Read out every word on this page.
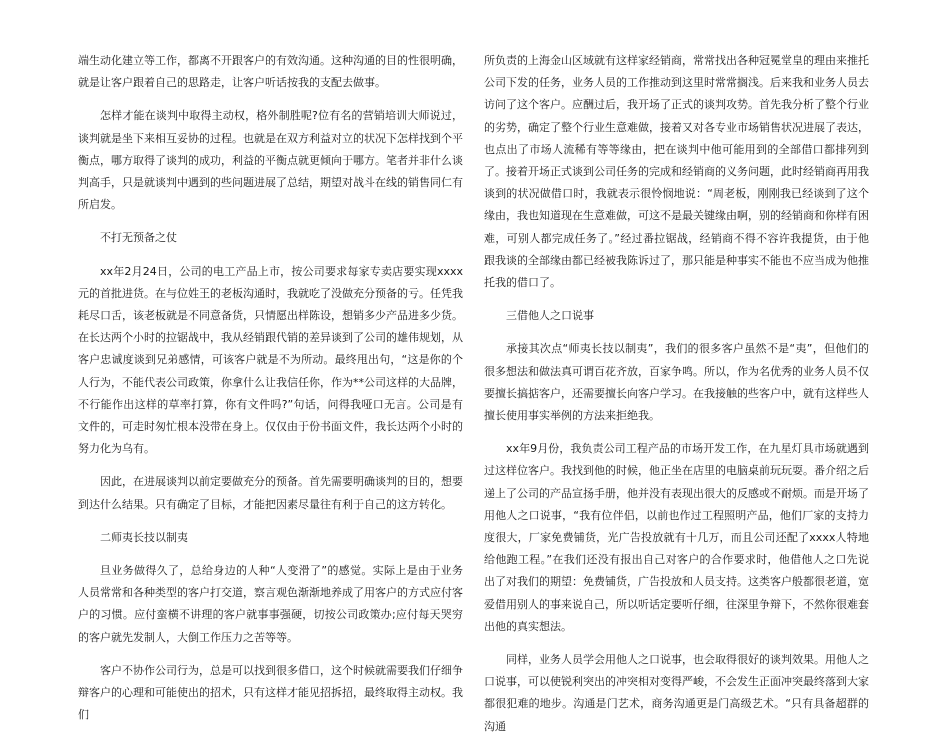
端生动化建立等工作，都离不开跟客户的有效沟通。这种沟通的目的性很明确，就是让客户跟着自己的思路走，让客户听话按我的支配去做事。

怎样才能在谈判中取得主动权，格外制胜呢?位有名的营销培训大师说过，谈判就是坐下来相互妥协的过程。也就是在双方利益对立的状况下怎样找到个平衡点，哪方取得了谈判的成功，利益的平衡点就更倾向于哪方。笔者并非什么谈判高手，只是就谈判中遇到的些问题进展了总结，期望对战斗在线的销售同仁有所启发。

不打无预备之仗

xx年2月24日，公司的电工产品上市，按公司要求每家专卖店要实现xxxx元的首批进货。在与位姓王的老板沟通时，我就吃了没做充分预备的亏。任凭我耗尽口舌，该老板就是不同意备货，只情愿出样陈设，想销多少产品进多少货。在长达两个小时的拉锯战中，我从经销跟代销的差异谈到了公司的雄伟规划，从客户忠诚度谈到兄弟感情，可该客户就是不为所动。最终甩出句，“这是你的个人行为，不能代表公司政策，你拿什么让我信任你，作为**公司这样的大品牌，不行能作出这样的草率打算，你有文件吗?”句话，问得我哑口无言。公司是有文件的，可走时匆忙根本没带在身上。仅仅由于份书面文件，我长达两个小时的努力化为乌有。

因此，在进展谈判以前定要做充分的预备。首先需要明确谈判的目的，想要到达什么结果。只有确定了目标，才能把因素尽量往有利于自己的这方转化。

二师夷长技以制夷

旦业务做得久了，总给身边的人种“人变滑了”的感觉。实际上是由于业务人员常常和各种类型的客户打交道，察言观色渐渐地养成了用客户的方式应付客户的习惯。应付蛮横不讲理的客户就事事强硬，切按公司政策办;应付每天哭穷的客户就先发制人，大倒工作压力之苦等等。

客户不协作公司行为，总是可以找到很多借口，这个时候就需要我们仔细争辩客户的心理和可能使出的招术，只有这样才能见招拆招，最终取得主动权。我们

所负责的上海金山区域就有这样家经销商，常常找出各种冠冕堂皇的理由来推托公司下发的任务，业务人员的工作推动到这里时常常搁浅。后来我和业务人员去访问了这个客户。应酬过后，我开场了正式的谈判攻势。首先我分析了整个行业的劣势，确定了整个行业生意难做，接着又对各专业市场销售状况进展了表达，也点出了市场人流稀有等等缘由，把在谈判中他可能用到的全部借口都排列到了。接着开场正式谈到公司任务的完成和经销商的义务问题，此时经销商再用我谈到的状况做借口时，我就表示很怜悯地说：“周老板，刚刚我已经谈到了这个缘由，我也知道现在生意难做，可这不是最关键缘由啊，别的经销商和你样有困难，可别人都完成任务了。”经过番拉锯战，经销商不得不容许我提货，由于他跟我谈的全部缘由都已经被我陈诉过了，那只能是种事实不能也不应当成为他推托我的借口了。

三借他人之口说事

承接其次点“师夷长技以制夷”，我们的很多客户虽然不是“夷”，但他们的很多想法和做法真可谓百花齐放，百家争鸣。所以，作为名优秀的业务人员不仅要擅长搞掂客户，还需要擅长向客户学习。在我接触的些客户中，就有这样些人擅长使用事实举例的方法来拒绝我。

xx年9月份，我负责公司工程产品的市场开发工作，在九星灯具市场就遇到过这样位客户。我找到他的时候，他正坐在店里的电脑桌前玩玩耍。番介绍之后递上了公司的产品宣扬手册，他并没有表现出很大的反感或不耐烦。而是开场了用他人之口说事，“我有位伴侣，以前也作过工程照明产品，他们厂家的支持力度很大，厂家免费铺货，光广告投放就有十几万，而且公司还配了xxxx人特地给他跑工程。”在我们还没有报出自己对客户的合作要求时，他借他人之口先说出了对我们的期望：免费铺货，广告投放和人员支持。这类客户般都很老道，宽爱借用别人的事来说自己，所以听话定要听仔细，往深里争辩下，不然你很难套出他的真实想法。

同样，业务人员学会用他人之口说事，也会取得很好的谈判效果。用他人之口说事，可以使锐利突出的冲突相对变得严峻，不会发生正面冲突最终落到大家都很犯难的地步。沟通是门艺术，商务沟通更是门高级艺术。“只有具备超群的沟通
